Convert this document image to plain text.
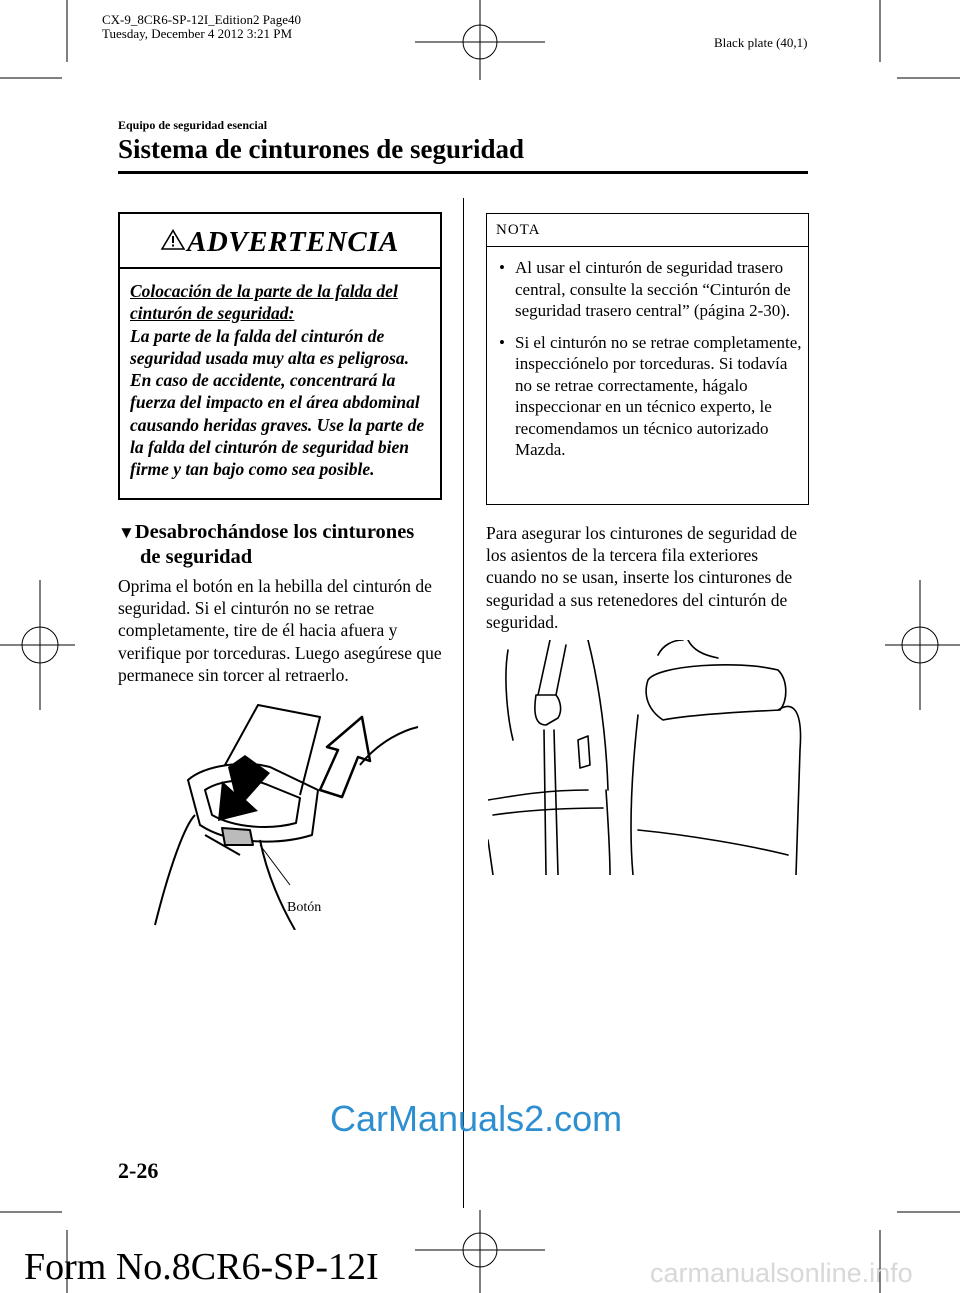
CX-9_8CR6-SP-12I_Edition2 Page40
Tuesday, December 4 2012 3:21 PM
Black plate (40,1)
Equipo de seguridad esencial
Sistema de cinturones de seguridad
ADVERTENCIA
Colocación de la parte de la falda del cinturón de seguridad:
La parte de la falda del cinturón de seguridad usada muy alta es peligrosa. En caso de accidente, concentrará la fuerza del impacto en el área abdominal causando heridas graves. Use la parte de la falda del cinturón de seguridad bien firme y tan bajo como sea posible.
▼Desabrochándose los cinturones
de seguridad
Oprima el botón en la hebilla del cinturón de seguridad. Si el cinturón no se retrae completamente, tire de él hacia afuera y verifique por torceduras. Luego asegúrese que permanece sin torcer al retraerlo.
Botón
NOTA
• Al usar el cinturón de seguridad trasero central, consulte la sección “Cinturón de seguridad trasero central” (página 2-30).
• Si el cinturón no se retrae completamente, inspecciónelo por torceduras. Si todavía no se retrae correctamente, hágalo inspeccionar en un técnico experto, le recomendamos un técnico autorizado Mazda.
Para asegurar los cinturones de seguridad de los asientos de la tercera fila exteriores cuando no se usan, inserte los cinturones de seguridad a sus retenedores del cinturón de seguridad.
2-26
CarManuals2.com
Form No.8CR6-SP-12I	carmanualsonline.info
